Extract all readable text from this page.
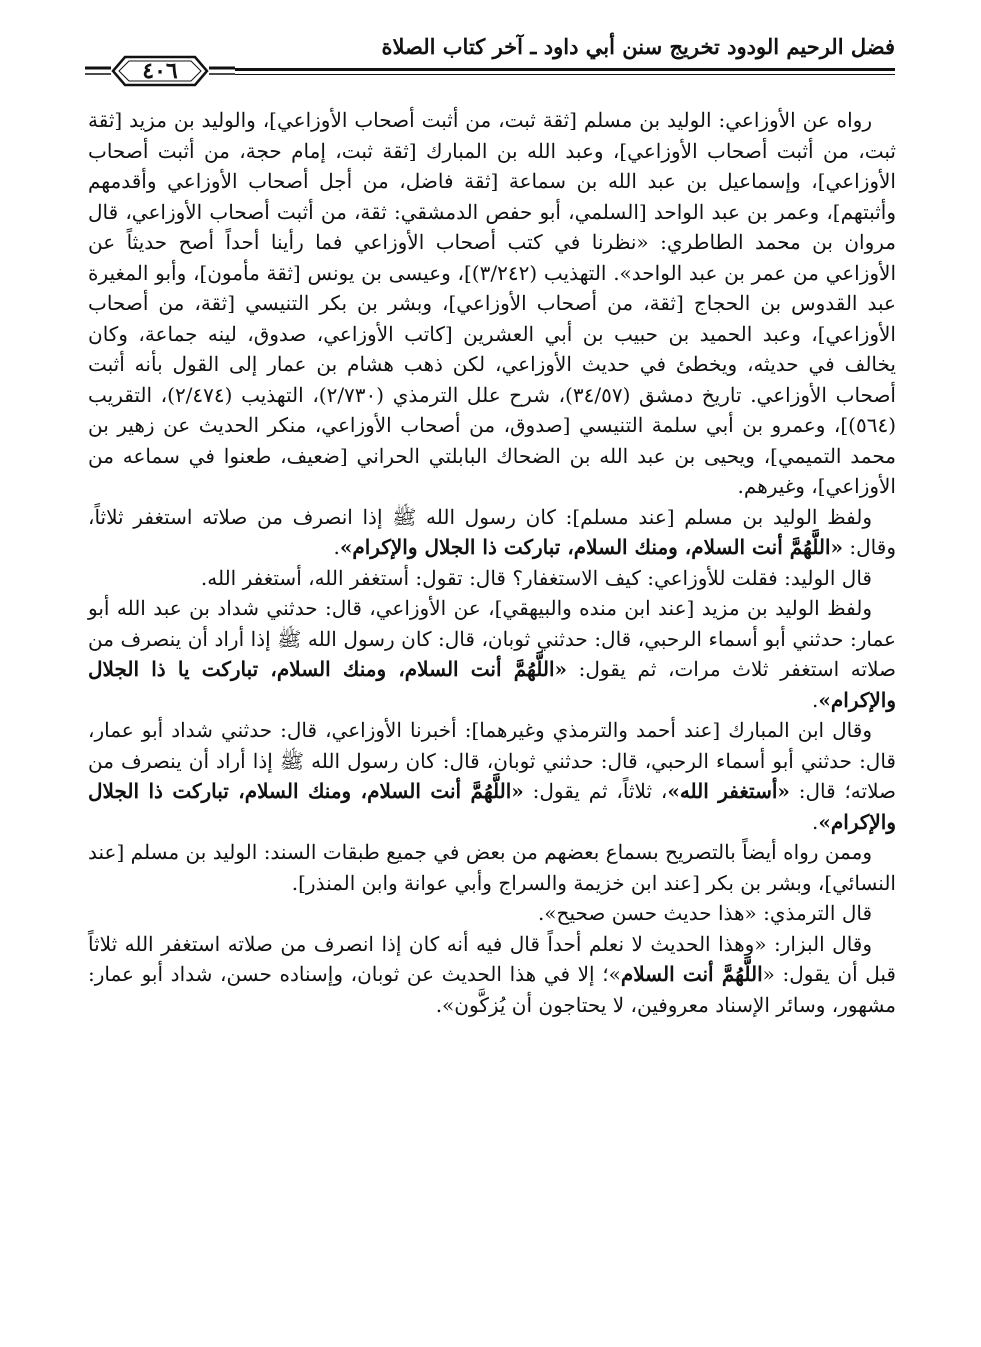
فضل الرحيم الودود تخريج سنن أبي داود ـ آخر كتاب الصلاة
٤٠٦

رواه عن الأوزاعي: الوليد بن مسلم [ثقة ثبت، من أثبت أصحاب الأوزاعي]، والوليد بن مزيد [ثقة ثبت، من أثبت أصحاب الأوزاعي]، وعبد الله بن المبارك [ثقة ثبت، إمام حجة، من أثبت أصحاب الأوزاعي]، وإسماعيل بن عبد الله بن سماعة [ثقة فاضل، من أجل أصحاب الأوزاعي وأقدمهم وأثبتهم]، وعمر بن عبد الواحد [السلمي، أبو حفص الدمشقي: ثقة، من أثبت أصحاب الأوزاعي، قال مروان بن محمد الطاطري: «نظرنا في كتب أصحاب الأوزاعي فما رأينا أحداً أصح حديثاً عن الأوزاعي من عمر بن عبد الواحد». التهذيب (٣/٢٤٢)]، وعيسى بن يونس [ثقة مأمون]، وأبو المغيرة عبد القدوس بن الحجاج [ثقة، من أصحاب الأوزاعي]، وبشر بن بكر التنيسي [ثقة، من أصحاب الأوزاعي]، وعبد الحميد بن حبيب بن أبي العشرين [كاتب الأوزاعي، صدوق، لينه جماعة، وكان يخالف في حديثه، ويخطئ في حديث الأوزاعي، لكن ذهب هشام بن عمار إلى القول بأنه أثبت أصحاب الأوزاعي. تاريخ دمشق (٣٤/٥٧)، شرح علل الترمذي (٢/٧٣٠)، التهذيب (٢/٤٧٤)، التقريب (٥٦٤)]، وعمرو بن أبي سلمة التنيسي [صدوق، من أصحاب الأوزاعي، منكر الحديث عن زهير بن محمد التميمي]، ويحيى بن عبد الله بن الضحاك البابلتي الحراني [ضعيف، طعنوا في سماعه من الأوزاعي]، وغيرهم.

ولفظ الوليد بن مسلم [عند مسلم]: كان رسول الله ﷺ إذا انصرف من صلاته استغفر ثلاثاً، وقال: «اللَّهُمَّ أنت السلام، ومنك السلام، تباركت ذا الجلال والإكرام».

قال الوليد: فقلت للأوزاعي: كيف الاستغفار؟ قال: تقول: أستغفر الله، أستغفر الله.

ولفظ الوليد بن مزيد [عند ابن منده والبيهقي]، عن الأوزاعي، قال: حدثني شداد بن عبد الله أبو عمار: حدثني أبو أسماء الرحبي، قال: حدثني ثوبان، قال: كان رسول الله ﷺ إذا أراد أن ينصرف من صلاته استغفر ثلاث مرات، ثم يقول: «اللَّهُمَّ أنت السلام، ومنك السلام، تباركت يا ذا الجلال والإكرام».

وقال ابن المبارك [عند أحمد والترمذي وغيرهما]: أخبرنا الأوزاعي، قال: حدثني شداد أبو عمار، قال: حدثني أبو أسماء الرحبي، قال: حدثني ثوبان، قال: كان رسول الله ﷺ إذا أراد أن ينصرف من صلاته؛ قال: «أستغفر الله»، ثلاثاً، ثم يقول: «اللَّهُمَّ أنت السلام، ومنك السلام، تباركت ذا الجلال والإكرام».

وممن رواه أيضاً بالتصريح بسماع بعضهم من بعض في جميع طبقات السند: الوليد بن مسلم [عند النسائي]، وبشر بن بكر [عند ابن خزيمة والسراج وأبي عوانة وابن المنذر].

قال الترمذي: «هذا حديث حسن صحيح».

وقال البزار: «وهذا الحديث لا نعلم أحداً قال فيه أنه كان إذا انصرف من صلاته استغفر الله ثلاثاً قبل أن يقول: «اللَّهُمَّ أنت السلام»؛ إلا في هذا الحديث عن ثوبان، وإسناده حسن، شداد أبو عمار: مشهور، وسائر الإسناد معروفين، لا يحتاجون أن يُزكَّون».
